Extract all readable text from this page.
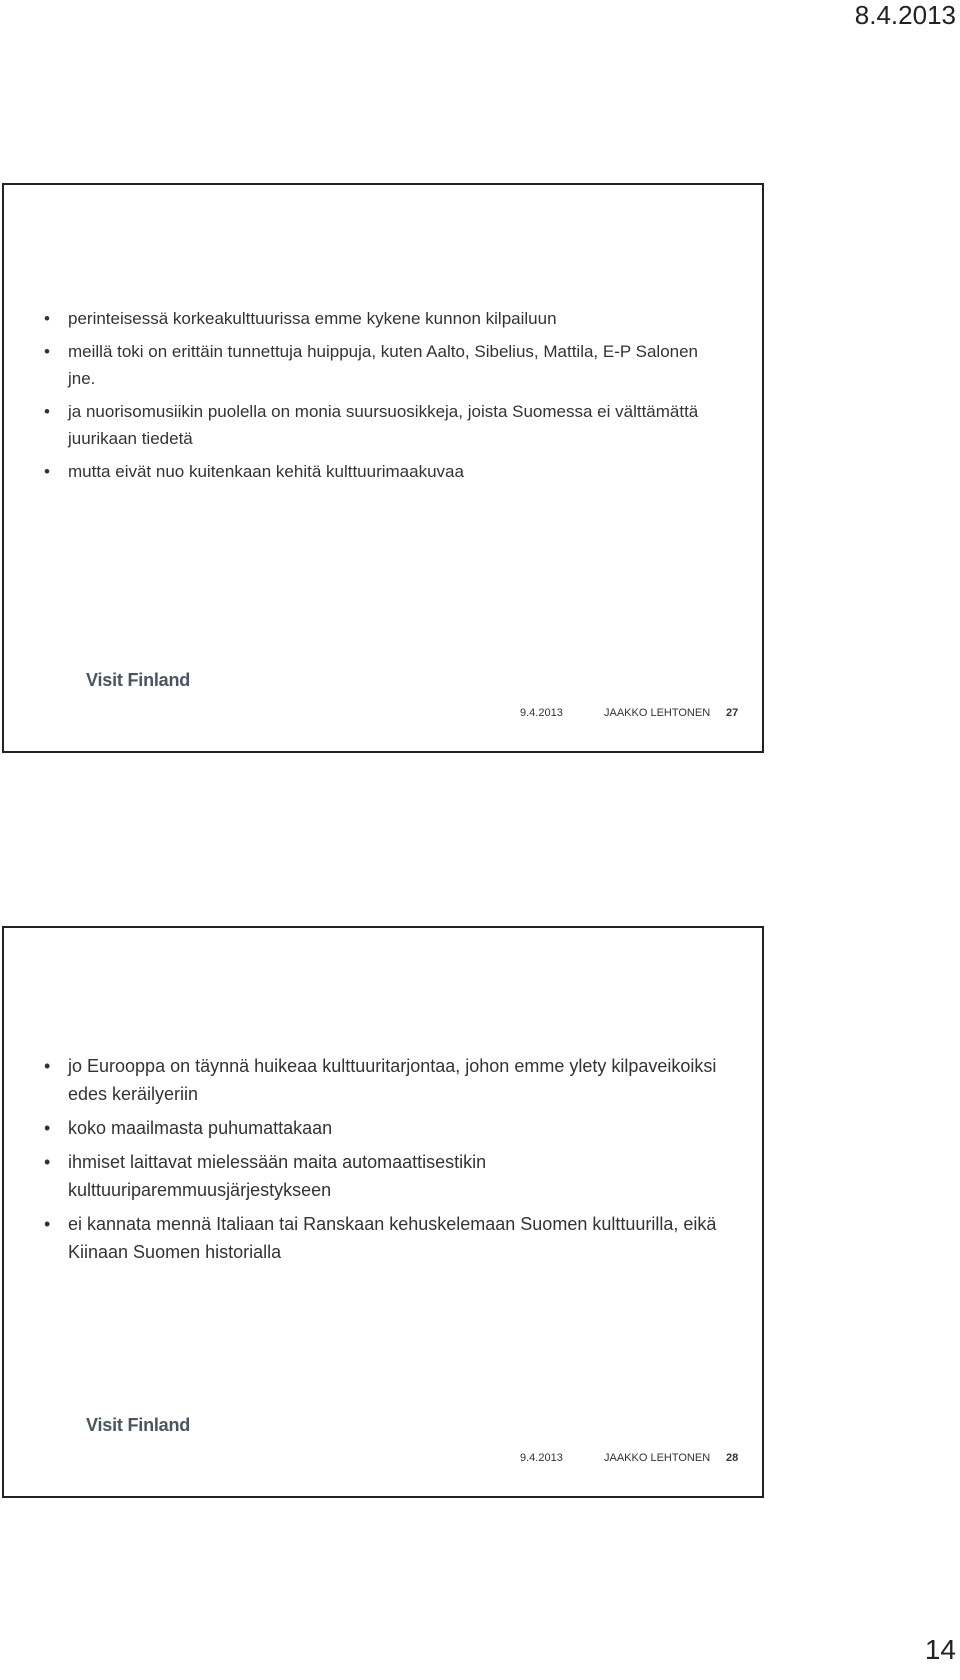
8.4.2013
• perinteisessä korkeakulttuurissa emme kykene kunnon kilpailuun
• meillä toki on erittäin tunnettuja huippuja, kuten Aalto, Sibelius, Mattila, E-P Salonen jne.
• ja nuorisomusiikin puolella on monia suursuosikkeja, joista Suomessa ei välttämättä juurikaan tiedetä
• mutta eivät nuo kuitenkaan kehitä kulttuurimaakuvaa
Visit Finland
9.4.2013	JAAKKO LEHTONEN 27
• jo Eurooppa on täynnä huikeaa kulttuuritarjontaa, johon emme ylety kilpaveikoiksi edes keräilyeriin
• koko maailmasta puhumattakaan
• ihmiset laittavat mielessään maita automaattisestikin kulttuuriparemmuusjärjestykseen
• ei kannata mennä Italiaan tai Ranskaan kehuskelemaan Suomen kulttuurilla, eikä Kiinaan Suomen historialla
Visit Finland
9.4.2013	JAAKKO LEHTONEN 28
14
